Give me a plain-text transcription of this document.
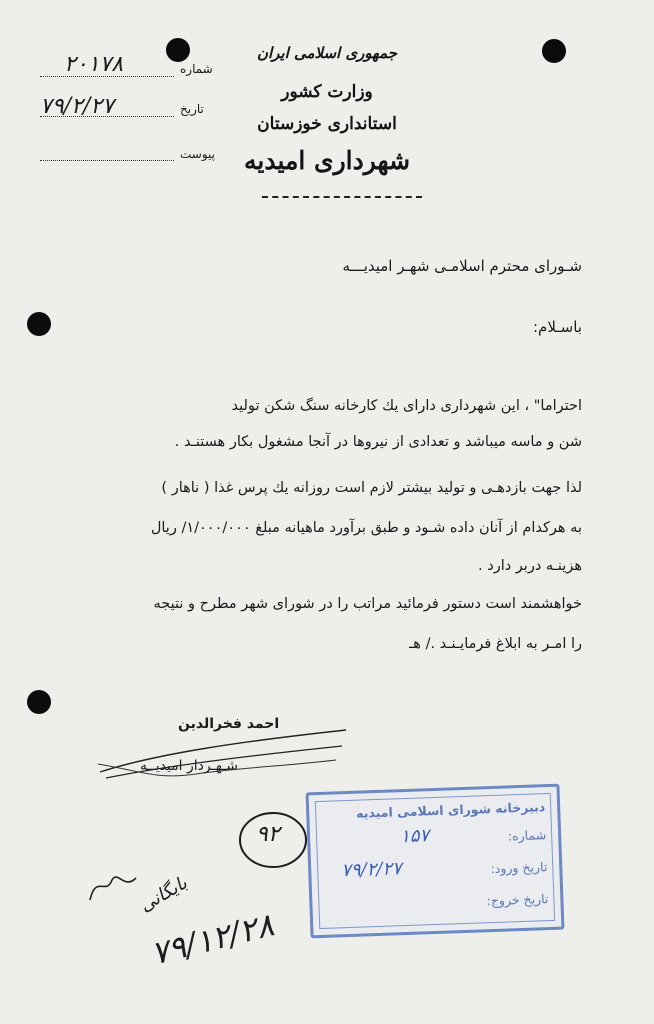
جمهوری اسلامی ایران
وزارت کشور
استانداری خوزستان
شهرداری امیدیه
شماره
۲۰۱۷۸
تاریخ
۷۹/۲/۲۷
پیوست
شـورای محترم اسلامـی شهـر امیدیـــه
باسـلام:
احتراما" ، این شهرداری دارای یك كارخانه سنگ شكن تولید
شن و ماسه میباشد و تعدادی از نیروها در آنجا مشغول بكار هستنـد .
لذا جهت بازدهـی و تولید بیشتر لازم است روزانه یك پرس غذا ( ناهار )
به هركدام از آنان داده شـود و طبق برآورد ماهیانه مبلغ ۱/۰۰۰/۰۰۰/ ریال
هزینـه دربر دارد .
خواهشمند است دستور فرمائید مراتب را در شورای شهر مطرح و نتیجه
را امـر به ابلاغ فرمایـنـد ./ هـ
احمد فخرالدین
شـهـردار امیدیــه
۹۲
بایگانی
۷۹/۱۲/۲۸
دبیرخانه شورای اسلامی امیدیه
شماره:
۱۵۷
تاریخ ورود:
۷۹/۲/۲۷
تاریخ خروج:
